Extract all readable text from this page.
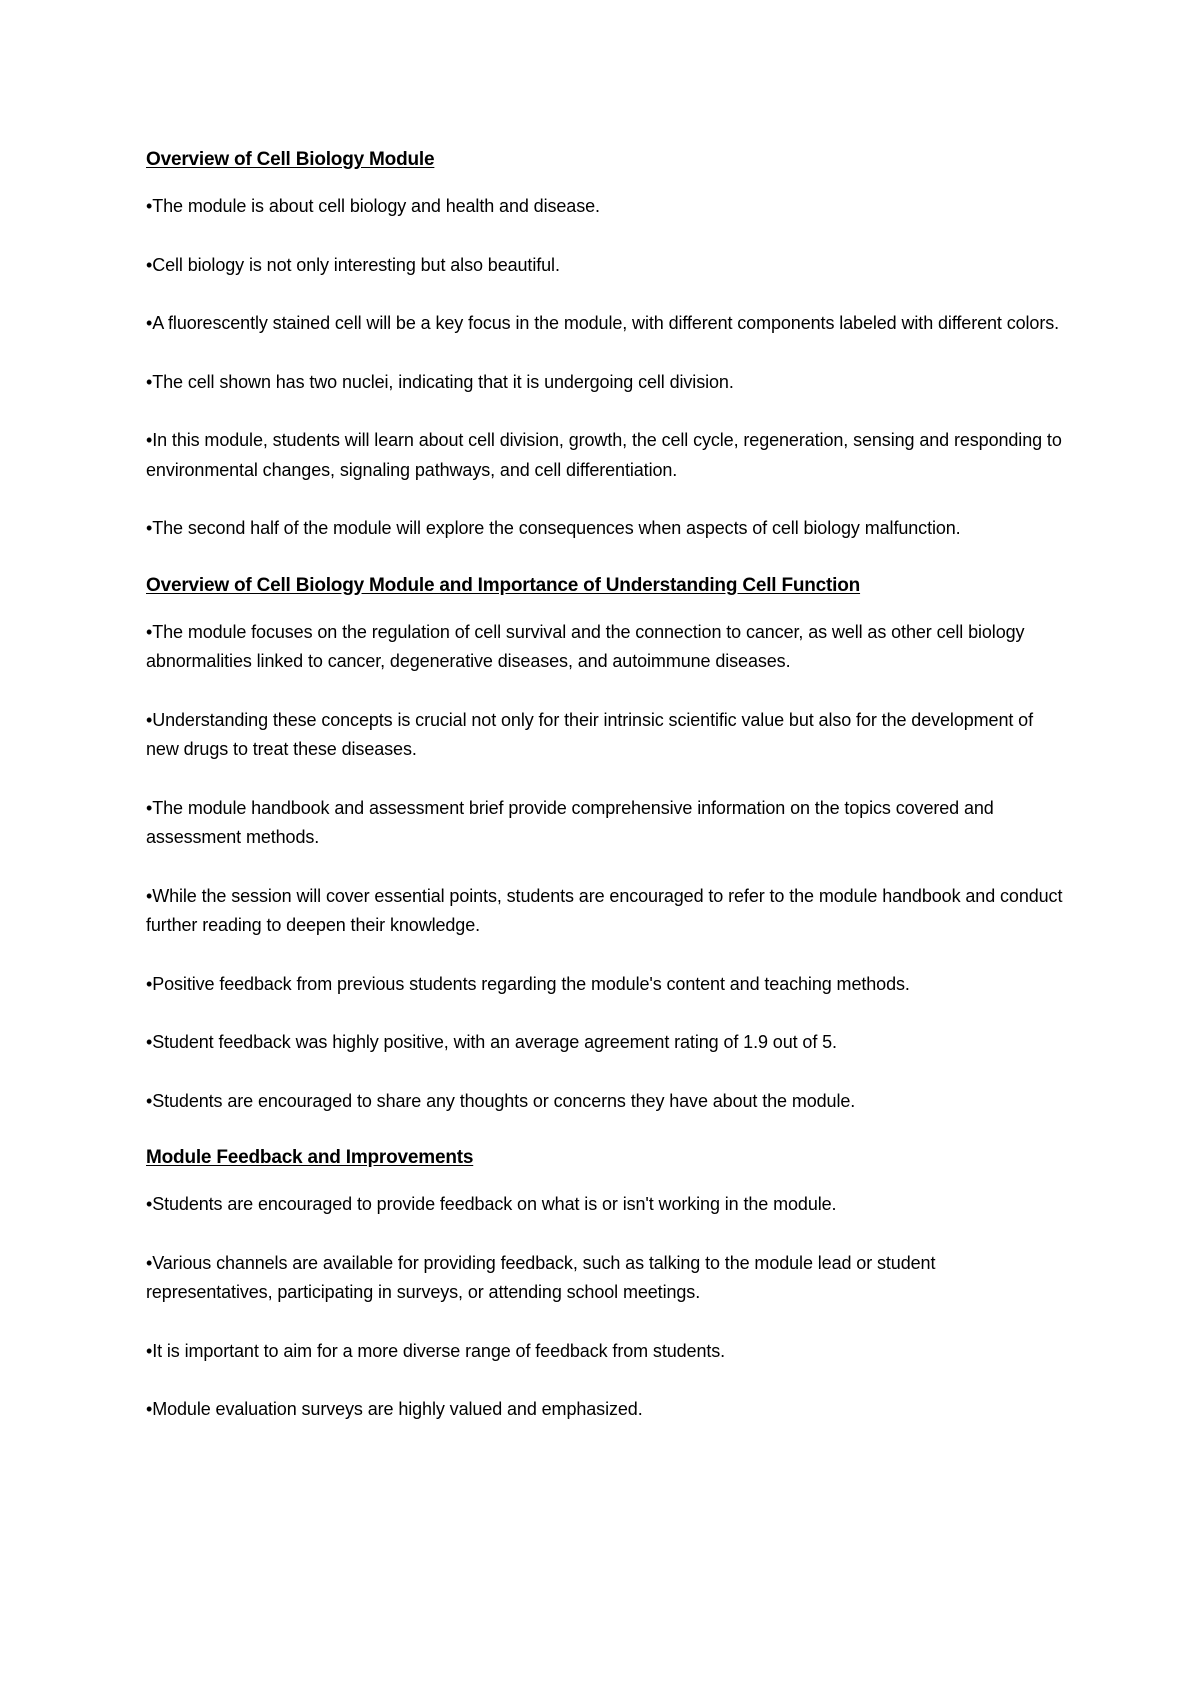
Overview of Cell Biology Module
•The module is about cell biology and health and disease.
•Cell biology is not only interesting but also beautiful.
•A fluorescently stained cell will be a key focus in the module, with different components labeled with different colors.
•The cell shown has two nuclei, indicating that it is undergoing cell division.
•In this module, students will learn about cell division, growth, the cell cycle, regeneration, sensing and responding to environmental changes, signaling pathways, and cell differentiation.
•The second half of the module will explore the consequences when aspects of cell biology malfunction.
Overview of Cell Biology Module and Importance of Understanding Cell Function
•The module focuses on the regulation of cell survival and the connection to cancer, as well as other cell biology abnormalities linked to cancer, degenerative diseases, and autoimmune diseases.
•Understanding these concepts is crucial not only for their intrinsic scientific value but also for the development of new drugs to treat these diseases.
•The module handbook and assessment brief provide comprehensive information on the topics covered and assessment methods.
•While the session will cover essential points, students are encouraged to refer to the module handbook and conduct further reading to deepen their knowledge.
•Positive feedback from previous students regarding the module's content and teaching methods.
•Student feedback was highly positive, with an average agreement rating of 1.9 out of 5.
•Students are encouraged to share any thoughts or concerns they have about the module.
Module Feedback and Improvements
•Students are encouraged to provide feedback on what is or isn't working in the module.
•Various channels are available for providing feedback, such as talking to the module lead or student representatives, participating in surveys, or attending school meetings.
•It is important to aim for a more diverse range of feedback from students.
•Module evaluation surveys are highly valued and emphasized.
